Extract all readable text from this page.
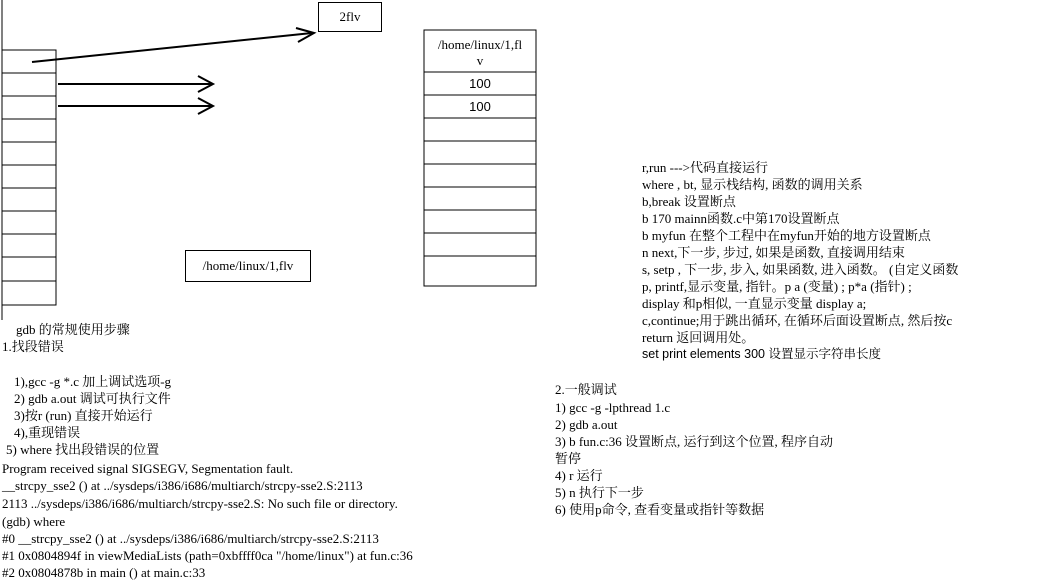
2flv
/home/linux/1,flv
/home/linux/1,fl
v
100
100
r,run --->代码直接运行
where , bt, 显示栈结构, 函数的调用关系
b,break 设置断点
b 170 mainn函数.c中第170设置断点
b myfun 在整个工程中在myfun开始的地方设置断点
n next,下一步, 步过, 如果是函数, 直接调用结束
s, setp , 下一步, 步入, 如果函数, 进入函数。 (自定义函数
p, printf,显示变量, 指针。p a (变量) ; p*a (指针) ;
display 和p相似, 一直显示变量 display a;
c,continue;用于跳出循环, 在循环后面设置断点, 然后按c
return 返回调用处。
set print elements 300 设置显示字符串长度
gdb 的常规使用步骤
1.找段错误
1),gcc -g *.c 加上调试选项-g
2) gdb a.out 调试可执行文件
3)按r (run) 直接开始运行
4),重现错误
5) where 找出段错误的位置
Program received signal SIGSEGV, Segmentation fault.
__strcpy_sse2 () at ../sysdeps/i386/i686/multiarch/strcpy-sse2.S:2113
2113 ../sysdeps/i386/i686/multiarch/strcpy-sse2.S: No such file or directory.
(gdb) where
#0 __strcpy_sse2 () at ../sysdeps/i386/i686/multiarch/strcpy-sse2.S:2113
#1 0x0804894f in viewMediaLists (path=0xbffff0ca "/home/linux") at fun.c:36
#2 0x0804878b in main () at main.c:33
2.一般调试
1) gcc -g -lpthread 1.c
2) gdb a.out
3) b fun.c:36 设置断点, 运行到这个位置, 程序自动
暂停
4) r 运行
5) n 执行下一步
6) 使用p命令, 查看变量或指针等数据
